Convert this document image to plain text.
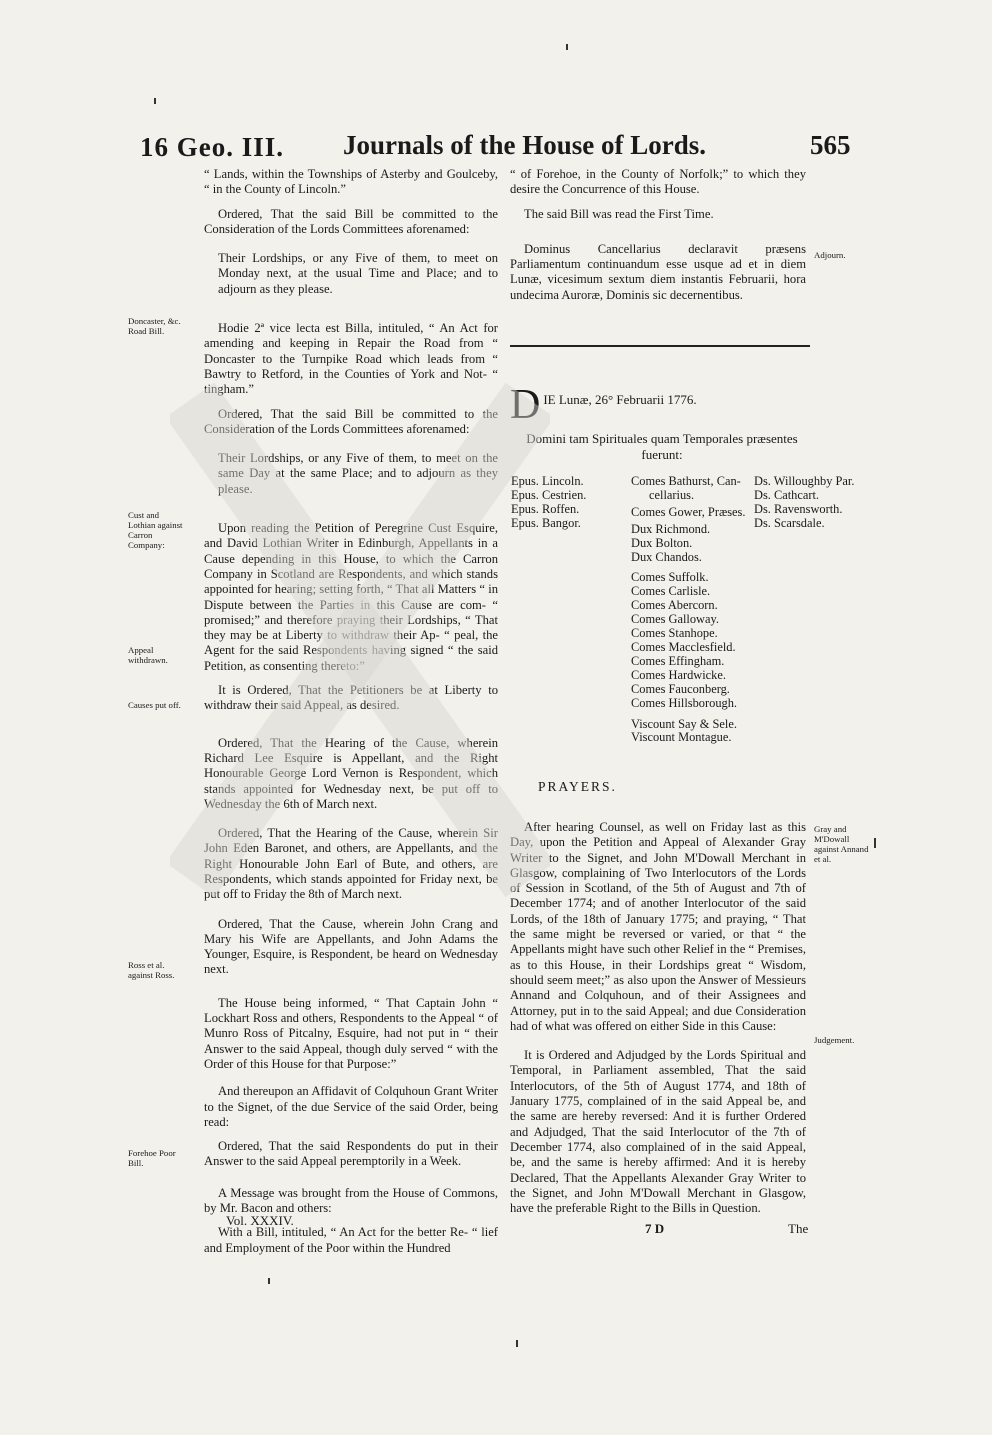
16 Geo. III. Journals of the House of Lords.	565
Doncaster, &c. Road Bill.
Cust and Lothian against Carron Company:
Appeal withdrawn.
Causes put off.
Ross et al. against Ross.
Forehoe Poor Bill.

“ Lands, within the Townships of Asterby and Goulceby, “ in the County of Lincoln.”

Ordered, That the said Bill be committed to the Consideration of the Lords Committees aforenamed:

Their Lordships, or any Five of them, to meet on Monday next, at the usual Time and Place; and to adjourn as they please.

Hodie 2ª vice lecta est Billa, intituled, “ An Act for amending and keeping in Repair the Road from “ Doncaster to the Turnpike Road which leads from “ Bawtry to Retford, in the Counties of York and Not- “ tingham.”

Ordered, That the said Bill be committed to the Consideration of the Lords Committees aforenamed:

Their Lordships, or any Five of them, to meet on the same Day at the same Place; and to adjourn as they please.

Upon reading the Petition of Peregrine Cust Esquire, and David Lothian Writer in Edinburgh, Appellants in a Cause depending in this House, to which the Carron Company in Scotland are Respondents, and which stands appointed for hearing; setting forth, “ That all Matters “ in Dispute between the Parties in this Cause are com- “ promised;” and therefore praying their Lordships, “ That they may be at Liberty to withdraw their Ap- “ peal, the Agent for the said Respondents having signed “ the said Petition, as consenting thereto:”

It is Ordered, That the Petitioners be at Liberty to withdraw their said Appeal, as desired.

Ordered, That the Hearing of the Cause, wherein Richard Lee Esquire is Appellant, and the Right Honourable George Lord Vernon is Respondent, which stands appointed for Wednesday next, be put off to Wednesday the 6th of March next.

Ordered, That the Hearing of the Cause, wherein Sir John Eden Baronet, and others, are Appellants, and the Right Honourable John Earl of Bute, and others, are Respondents, which stands appointed for Friday next, be put off to Friday the 8th of March next.

Ordered, That the Cause, wherein John Crang and Mary his Wife are Appellants, and John Adams the Younger, Esquire, is Respondent, be heard on Wednesday next.

The House being informed, “ That Captain John “ Lockhart Ross and others, Respondents to the Appeal “ of Munro Ross of Pitcalny, Esquire, had not put in “ their Answer to the said Appeal, though duly served “ with the Order of this House for that Purpose:”

And thereupon an Affidavit of Colquhoun Grant Writer to the Signet, of the due Service of the said Order, being read:

Ordered, That the said Respondents do put in their Answer to the said Appeal peremptorily in a Week.

A Message was brought from the House of Commons, by Mr. Bacon and others:

With a Bill, intituled, “ An Act for the better Re- “ lief and Employment of the Poor within the Hundred

“ of Forehoe, in the County of Norfolk;” to which they desire the Concurrence of this House.

The said Bill was read the First Time.

Dominus Cancellarius declaravit præsens Parliamentum continuandum esse usque ad et in diem Lunæ, vicesimum sextum diem instantis Februarii, hora undecima Auroræ, Dominis sic decernentibus.

Adjourn.
D IE Lunæ, 26° Februarii 1776.
Domini tam Spirituales quam Temporales præsentes fuerunt:
Epus. Lincoln.
Epus. Cestrien.
Epus. Roffen.
Epus. Bangor.
Comes Bathurst, Can-
cellarius.
Comes Gower, Præses.
Dux Richmond.
Dux Bolton.
Dux Chandos.
Comes Suffolk.
Comes Carlisle.
Comes Abercorn.
Comes Galloway.
Comes Stanhope.
Comes Macclesfield.
Comes Effingham.
Comes Hardwicke.
Comes Fauconberg.
Comes Hillsborough.
Viscount Say & Sele.
Viscount Montague.
Ds. Willoughby Par.
Ds. Cathcart.
Ds. Ravensworth.
Ds. Scarsdale.
PRAYERS.

After hearing Counsel, as well on Friday last as this Day, upon the Petition and Appeal of Alexander Gray Writer to the Signet, and John M'Dowall Merchant in Glasgow, complaining of Two Interlocutors of the Lords of Session in Scotland, of the 5th of August and 7th of December 1774; and of another Interlocutor of the said Lords, of the 18th of January 1775; and praying, “ That the same might be reversed or varied, or that “ the Appellants might have such other Relief in the “ Premises, as to this House, in their Lordships great “ Wisdom, should seem meet;” as also upon the Answer of Messieurs Annand and Colquhoun, and of their Assignees and Attorney, put in to the said Appeal; and due Consideration had of what was offered on either Side in this Cause:

It is Ordered and Adjudged by the Lords Spiritual and Temporal, in Parliament assembled, That the said Interlocutors, of the 5th of August 1774, and 18th of January 1775, complained of in the said Appeal be, and the same are hereby reversed: And it is further Ordered and Adjudged, That the said Interlocutor of the 7th of December 1774, also complained of in the said Appeal, be, and the same is hereby affirmed: And it is hereby Declared, That the Appellants Alexander Gray Writer to the Signet, and John M'Dowall Merchant in Glasgow, have the preferable Right to the Bills in Question.

Gray and M'Dowall against Annand et al.
Judgement.
Vol. XXXIV.
7 D	The
